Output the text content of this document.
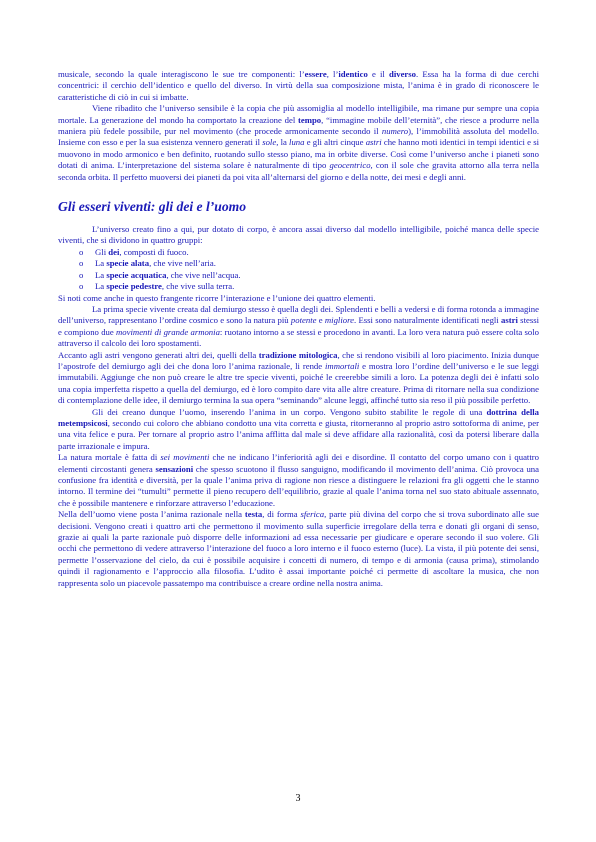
musicale, secondo la quale interagiscono le sue tre componenti: l’essere, l’identico e il diverso. Essa ha la forma di due cerchi concentrici: il cerchio dell’identico e quello del diverso. In virtù della sua composizione mista, l’anima è in grado di riconoscere le caratteristiche di ciò in cui si imbatte.

Viene ribadito che l’universo sensibile è la copia che più assomiglia al modello intelligibile, ma rimane pur sempre una copia mortale. La generazione del mondo ha comportato la creazione del tempo, “immagine mobile dell’eternità”, che riesce a produrre nella maniera più fedele possibile, pur nel movimento (che procede armonicamente secondo il numero), l’immobilità assoluta del modello. Insieme con esso e per la sua esistenza vennero generati il sole, la luna e gli altri cinque astri che hanno moti identici in tempi identici e si muovono in modo armonico e ben definito, ruotando sullo stesso piano, ma in orbite diverse. Così come l’universo anche i pianeti sono dotati di anima. L’interpretazione del sistema solare è naturalmente di tipo geocentrico, con il sole che gravita attorno alla terra nella seconda orbita. Il perfetto muoversi dei pianeti da poi vita all’alternarsi del giorno e della notte, dei mesi e degli anni.

Gli esseri viventi: gli dei e l’uomo

L’universo creato fino a qui, pur dotato di corpo, è ancora assai diverso dal modello intelligibile, poiché manca delle specie viventi, che si dividono in quattro gruppi:

o Gli dei, composti di fuoco.
o La specie alata, che vive nell’aria.
o La specie acquatica, che vive nell’acqua.
o La specie pedestre, che vive sulla terra.

Si noti come anche in questo frangente ricorre l’interazione e l’unione dei quattro elementi.

La prima specie vivente creata dal demiurgo stesso è quella degli dei. Splendenti e belli a vedersi e di forma rotonda a immagine dell’universo, rappresentano l’ordine cosmico e sono la natura più potente e migliore. Essi sono naturalmente identificati negli astri stessi e compiono due movimenti di grande armonia: ruotano intorno a se stessi e procedono in avanti. La loro vera natura può essere colta solo attraverso il calcolo dei loro spostamenti.

Accanto agli astri vengono generati altri dei, quelli della tradizione mitologica, che si rendono visibili al loro piacimento. Inizia dunque l’apostrofe del demiurgo agli dei che dona loro l’anima razionale, li rende immortali e mostra loro l’ordine dell’universo e le sue leggi immutabili. Aggiunge che non può creare le altre tre specie viventi, poiché le creerebbe simili a loro. La potenza degli dei è infatti solo una copia imperfetta rispetto a quella del demiurgo, ed è loro compito dare vita alle altre creature. Prima di ritornare nella sua condizione di contemplazione delle idee, il demiurgo termina la sua opera “seminando” alcune leggi, affinché tutto sia reso il più possibile perfetto.

Gli dei creano dunque l’uomo, inserendo l’anima in un corpo. Vengono subito stabilite le regole di una dottrina della metempsicosi, secondo cui coloro che abbiano condotto una vita corretta e giusta, ritorneranno al proprio astro sottoforma di anime, per una vita felice e pura. Per tornare al proprio astro l’anima afflitta dal male si deve affidare alla razionalità, così da potersi liberare dalla parte irrazionale e impura.

La natura mortale è fatta di sei movimenti che ne indicano l’inferiorità agli dei e disordine. Il contatto del corpo umano con i quattro elementi circostanti genera sensazioni che spesso scuotono il flusso sanguigno, modificando il movimento dell’anima. Ciò provoca una confusione fra identità e diversità, per la quale l’anima priva di ragione non riesce a distinguere le relazioni fra gli oggetti che le stanno intorno. Il termine dei “tumulti” permette il pieno recupero dell’equilibrio, grazie al quale l’anima torna nel suo stato abituale assennato, che è possibile mantenere e rinforzare attraverso l’educazione.

Nella dell’uomo viene posta l’anima razionale nella testa, di forma sferica, parte più divina del corpo che si trova subordinato alle sue decisioni. Vengono creati i quattro arti che permettono il movimento sulla superficie irregolare della terra e donati gli organi di senso, grazie ai quali la parte razionale può disporre delle informazioni ad essa necessarie per giudicare e operare secondo il suo volere. Gli occhi che permettono di vedere attraverso l’interazione del fuoco a loro interno e il fuoco esterno (luce). La vista, il più potente dei sensi, permette l’osservazione del cielo, da cui è possibile acquisire i concetti di numero, di tempo e di armonia (causa prima), stimolando quindi il ragionamento e l’approccio alla filosofia. L’udito è assai importante poiché ci permette di ascoltare la musica, che non rappresenta solo un piacevole passatempo ma contribuisce a creare ordine nella nostra anima.

3
